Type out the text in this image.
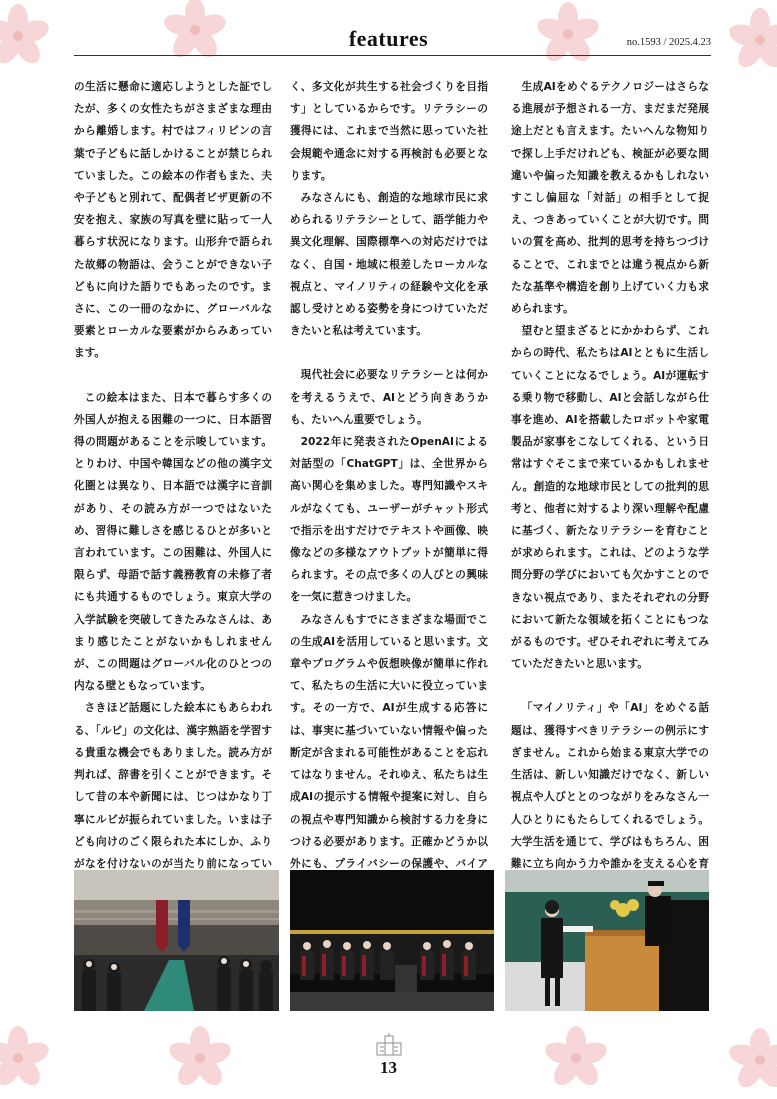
features	no.1593 / 2025.4.23

の生活に懸命に適応しようとした証でしたが、多くの女性たちがさまざまな理由から離婚します。村ではフィリピンの言葉で子どもに話しかけることが禁じられていました。この絵本の作者もまた、夫や子どもと別れて、配偶者ビザ更新の不安を抱え、家族の写真を壁に貼って一人暮らす状況になります。山形弁で語られた故郷の物語は、会うことができない子どもに向けた語りでもあったのです。まさに、この一冊のなかに、グローバルな要素とローカルな要素がからみあっています。

この絵本はまた、日本で暮らす多くの外国人が抱える困難の一つに、日本語習得の問題があることを示唆しています。とりわけ、中国や韓国などの他の漢字文化圏とは異なり、日本語では漢字に音訓があり、その読み方が一つではないため、習得に難しさを感じるひとが多いと言われています。この困難は、外国人に限らず、母語で話す義務教育の未修了者にも共通するものでしょう。東京大学の入学試験を突破してきたみなさんは、あまり感じたことがないかもしれませんが、この問題はグローバル化のひとつの内なる壁ともなっています。

さきほど話題にした絵本にもあらわれる、「ルビ」の文化は、漢字熟語を学習する貴重な機会でもありました。読み方が判れば、辞書を引くことができます。そして昔の本や新聞には、じつはかなり丁寧にルビが振られていました。いまは子ども向けのごく限られた本にしか、ふりがなを付けないのが当たり前になってい

く、多文化が共生する社会づくりを目指す」としているからです。リテラシーの獲得には、これまで当然に思っていた社会規範や通念に対する再検討も必要となります。

みなさんにも、創造的な地球市民に求められるリテラシーとして、語学能力や異文化理解、国際標準への対応だけではなく、自国・地域に根差したローカルな視点と、マイノリティの経験や文化を承認し受けとめる姿勢を身につけていただきたいと私は考えています。

現代社会に必要なリテラシーとは何かを考えるうえで、AIとどう向きあうかも、たいへん重要でしょう。

2022年に発表されたOpenAIによる対話型の「ChatGPT」は、全世界から高い関心を集めました。専門知識やスキルがなくても、ユーザーがチャット形式で指示を出すだけでテキストや画像、映像などの多様なアウトプットが簡単に得られます。その点で多くの人びとの興味を一気に惹きつけました。

みなさんもすでにさまざまな場面でこの生成AIを活用していると思います。文章やプログラムや仮想映像が簡単に作れて、私たちの生活に大いに役立っています。その一方で、AIが生成する応答には、事実に基づいていない情報や偏った断定が含まれる可能性があることを忘れてはなりません。それゆえ、私たちは生成AIの提示する情報や提案に対し、自らの視点や専門知識から検討する力を身につける必要があります。正確かどうか以外にも、プライバシーの保護や、バイア

生成AIをめぐるテクノロジーはさらなる進展が予想される一方、まだまだ発展途上だとも言えます。たいへんな物知りで探し上手だけれども、検証が必要な間違いや偏った知識を教えるかもしれないすこし偏屈な「対話」の相手として捉え、つきあっていくことが大切です。問いの質を高め、批判的思考を持ちつづけることで、これまでとは違う視点から新たな基準や構造を創り上げていく力も求められます。

望むと望まざるとにかかわらず、これからの時代、私たちはAIとともに生活していくことになるでしょう。AIが運転する乗り物で移動し、AIと会話しながら仕事を進め、AIを搭載したロボットや家電製品が家事をこなしてくれる、という日常はすぐそこまで来ているかもしれません。創造的な地球市民としての批判的思考と、他者に対するより深い理解や配慮に基づく、新たなリテラシーを育むことが求められます。これは、どのような学問分野の学びにおいても欠かすことのできない視点であり、またそれぞれの分野において新たな領域を拓くことにもつながるものです。ぜひそれぞれに考えてみていただきたいと思います。

「マイノリティ」や「AI」をめぐる話題は、獲得すべきリテラシーの例示にすぎません。これから始まる東京大学での生活は、新しい知識だけでなく、新しい視点や人びととのつながりをみなさん一人ひとりにもたらしてくれるでしょう。大学生活を通じて、学びはもちろん、困難に立ち向かう力や誰かを支える心を育

13
